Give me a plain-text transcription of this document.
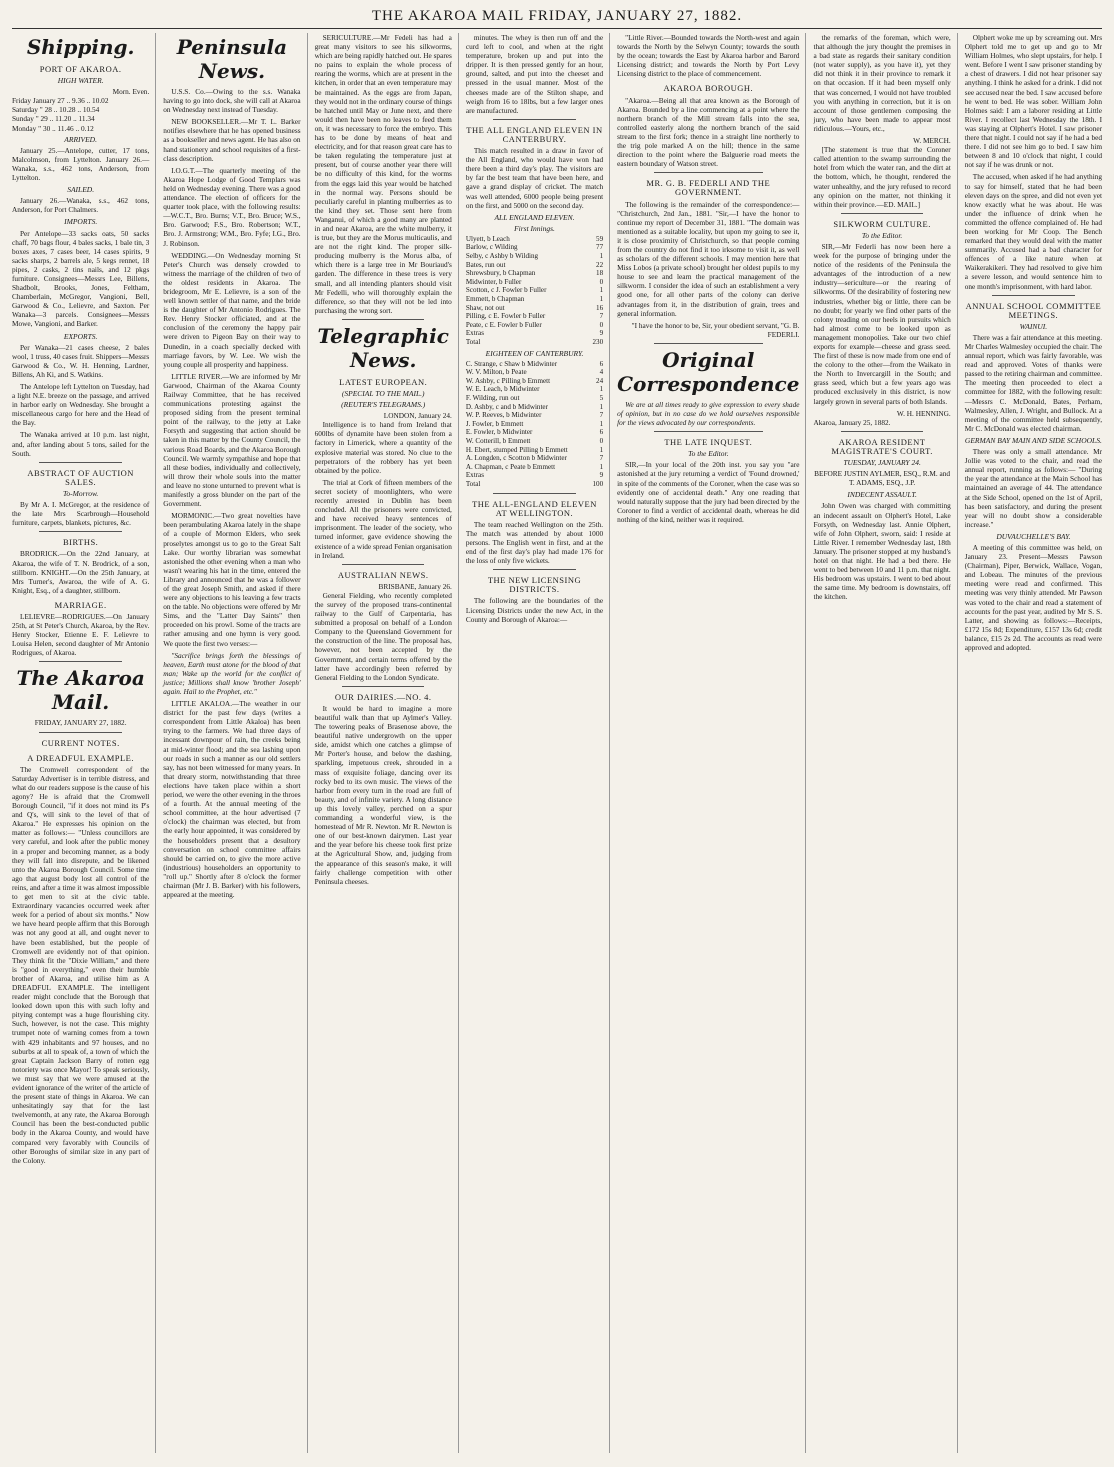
THE AKAROA MAIL FRIDAY, JANUARY 27, 1882.
Shipping.
PORT OF AKAROA.
HIGH WATER.
Morn. Even.
Friday January 27 .. 9.36 .. 10.02
Saturday " 28 .. 10.28 .. 10.54
Sunday " 29 .. 11.20 .. 11.34
Monday " 30 .. 11.46 .. 0.12
ARRIVED.

January 25.—Antelope, cutter, 17 tons, Malcolmson, from Lyttelton. January 26.—Wanaka, s.s., 462 tons, Anderson, from Lyttelton.

SAILED.

January 26.—Wanaka, s.s., 462 tons, Anderson, for Port Chalmers.

IMPORTS.

Per Antelope—33 sacks oats, 50 sacks chaff, 70 bags flour, 4 bales sacks, 1 bale tin, 3 boxes axes, 7 cases beer, 14 cases spirits, 9 sacks sharps, 2 barrels ale, 5 kegs rennet, 18 pipes, 2 casks, 2 tins nails, and 12 pkgs furniture. Consignees—Messrs Lee, Billens, Shadbolt, Brooks, Jones, Feltham, Chamberlain, McGregor, Vangioni, Bell, Garwood & Co., Lelievre, and Saxton. Per Wanaka—3 parcels. Consignees—Messrs Mowe, Vangioni, and Barker.

EXPORTS.

Per Wanaka—21 cases cheese, 2 bales wool, 1 truss, 40 cases fruit. Shippers—Messrs Garwood & Co., W. H. Henning, Lardner, Billens, Ah Ki, and S. Watkins.

The Antelope left Lyttelton on Tuesday, had a light N.E. breeze on the passage, and arrived in harbor early on Wednesday. She brought a miscellaneous cargo for here and the Head of the Bay.

The Wanaka arrived at 10 p.m. last night, and, after landing about 5 tons, sailed for the South.

ABSTRACT OF AUCTION SALES.
To-Morrow.

By Mr A. I. McGregor, at the residence of the late Mrs Scarbrough—Household furniture, carpets, blankets, pictures, &c.

BIRTHS.

BRODRICK.—On the 22nd January, at Akaroa, the wife of T. N. Brodrick, of a son, stillborn. KNIGHT.—On the 25th January, at Mrs Turner's, Awaroa, the wife of A. G. Knight, Esq., of a daughter, stillborn.

MARRIAGE.

LELIEVRE—RODRIGUES.—On January 25th, at St Peter's Church, Akaroa, by the Rev. Henry Stocker, Etienne E. F. Lelievre to Louisa Helen, second daughter of Mr Antonio Rodrigues, of Akaroa.

The Akaroa Mail.
FRIDAY, JANUARY 27, 1882.
CURRENT NOTES.
A DREADFUL EXAMPLE.

The Cromwell correspondent of the Saturday Advertiser is in terrible distress, and what do our readers suppose is the cause of his agony? He is afraid that the Cromwell Borough Council, "if it does not mind its P's and Q's, will sink to the level of that of Akaroa." He expresses his opinion on the matter as follows:— "Unless councillors are very careful, and look after the public money in a proper and becoming manner, as a body they will fall into disrepute, and be likened unto the Akaroa Borough Council. Some time ago that august body lost all control of the reins, and after a time it was almost impossible to get men to sit at the civic table. Extraordinary vacancies occurred week after week for a period of about six months." Now we have heard people affirm that this Borough was not any good at all, and ought never to have been established, but the people of Cromwell are evidently not of that opinion. They think fit the "Dixie William," and there is "good in everything," even their humble brother of Akaroa, and utilise him as A DREADFUL EXAMPLE. The intelligent reader might conclude that the Borough that looked down upon this with such lofty and pitying contempt was a huge flourishing city. Such, however, is not the case. This mighty trumpet note of warning comes from a town with 429 inhabitants and 97 houses, and no suburbs at all to speak of, a town of which the great Captain Jackson Barry of rotten egg notoriety was once Mayor! To speak seriously, we must say that we were amused at the evident ignorance of the writer of the article of the present state of things in Akaroa. We can unhesitatingly say that for the last twelvemonth, at any rate, the Akaroa Borough Council has been the best-conducted public body in the Akaroa County, and would have compared very favorably with Councils of other Boroughs of similar size in any part of the Colony.

Peninsula News.

U.S.S. Co.—Owing to the s.s. Wanaka having to go into dock, she will call at Akaroa on Wednesday next instead of Tuesday.

NEW BOOKSELLER.—Mr T. L. Barker notifies elsewhere that he has opened business as a bookseller and news agent. He has also on hand stationery and school requisites of a first-class description.

I.O.G.T.—The quarterly meeting of the Akaroa Hope Lodge of Good Templars was held on Wednesday evening. There was a good attendance. The election of officers for the quarter took place, with the following results:—W.C.T., Bro. Burns; V.T., Bro. Bruce; W.S., Bro. Garwood; F.S., Bro. Robertson; W.T., Bro. J. Armstrong; W.M., Bro. Fyfe; I.G., Bro. J. Robinson.

WEDDING.—On Wednesday morning St Peter's Church was densely crowded to witness the marriage of the children of two of the oldest residents in Akaroa. The bridegroom, Mr E. Lelievre, is a son of the well known settler of that name, and the bride is the daughter of Mr Antonio Rodrigues. The Rev. Henry Stocker officiated, and at the conclusion of the ceremony the happy pair were driven to Pigeon Bay on their way to Dunedin, in a coach specially decked with marriage favors, by W. Lee. We wish the young couple all prosperity and happiness.

LITTLE RIVER.—We are informed by Mr Garwood, Chairman of the Akaroa County Railway Committee, that he has received communications protesting against the proposed siding from the present terminal point of the railway, to the jetty at Lake Forsyth and suggesting that action should be taken in this matter by the County Council, the various Road Boards, and the Akaroa Borough Council. We warmly sympathise and hope that all these bodies, individually and collectively, will throw their whole souls into the matter and leave no stone unturned to prevent what is manifestly a gross blunder on the part of the Government.

MORMONIC.—Two great novelties have been perambulating Akaroa lately in the shape of a couple of Mormon Elders, who seek proselytes amongst us to go to the Great Salt Lake. Our worthy librarian was somewhat astonished the other evening when a man who wasn't wearing his hat in the time, entered the Library and announced that he was a follower of the great Joseph Smith, and asked if there were any objections to his leaving a few tracts on the table. No objections were offered by Mr Sims, and the "Latter Day Saints" then proceeded on his prowl. Some of the tracts are rather amusing and one hymn is very good. We quote the first two verses:—

"Sacrifice brings forth the blessings of heaven, Earth must atone for the blood of that man; Wake up the world for the conflict of justice; Millions shall know 'brother Joseph' again. Hail to the Prophet, etc."

LITTLE AKALOA.—The weather in our district for the past few days (writes a correspondent from Little Akaloa) has been trying to the farmers. We had three days of incessant downpour of rain, the creeks being at mid-winter flood; and the sea lashing upon our roads in such a manner as our old settlers say, has not been witnessed for many years. In that dreary storm, notwithstanding that three elections have taken place within a short period, we were the other evening in the throes of a fourth. At the annual meeting of the school committee, at the hour advertised (7 o'clock) the chairman was elected, but from the early hour appointed, it was considered by the householders present that a desultory conversation on school committee affairs should be carried on, to give the more active (industrious) householders an opportunity to "roll up." Shortly after 8 o'clock the former chairman (Mr J. B. Barker) with his followers, appeared at the meeting.

SERICULTURE.—Mr Fedeli has had a great many visitors to see his silkworms, which are being rapidly hatched out. He spares no pains to explain the whole process of rearing the worms, which are at present in the kitchen, in order that an even temperature may be maintained. As the eggs are from Japan, they would not in the ordinary course of things be hatched until May or June next, and there would then have been no leaves to feed them on, it was necessary to force the embryo. This has to be done by means of heat and electricity, and for that reason great care has to be taken regulating the temperature just at present, but of course another year there will be no difficulty of this kind, for the worms from the eggs laid this year would be hatched in the normal way. Persons should be peculiarly careful in planting mulberries as to the kind they set. Those sent here from Wanganui, of which a good many are planted in and near Akaroa, are the white mulberry, it is true, but they are the Morus multicaulis, and are not the right kind. The proper silk-producing mulberry is the Morus alba, of which there is a large tree in Mr Bouriaud's garden. The difference in these trees is very small, and all intending planters should visit Mr Fedelli, who will thoroughly explain the difference, so that they will not be led into purchasing the wrong sort.

Telegraphic News.
LATEST EUROPEAN.
(SPECIAL TO THE MAIL.)
(REUTER'S TELEGRAMS.)
LONDON, January 24.

Intelligence is to hand from Ireland that 600lbs of dynamite have been stolen from a factory in Limerick, where a quantity of the explosive material was stored. No clue to the perpetrators of the robbery has yet been obtained by the police.

The trial at Cork of fifteen members of the secret society of moonlighters, who were recently arrested in Dublin has been concluded. All the prisoners were convicted, and have received heavy sentences of imprisonment. The leader of the society, who turned informer, gave evidence showing the existence of a wide spread Fenian organisation in Ireland.

AUSTRALIAN NEWS.
BRISBANE, January 26.

General Fielding, who recently completed the survey of the proposed trans-continental railway to the Gulf of Carpentaria, has submitted a proposal on behalf of a London Company to the Queensland Government for the construction of the line. The proposal has, however, not been accepted by the Government, and certain terms offered by the latter have accordingly been referred by General Fielding to the London Syndicate.

OUR DAIRIES.—NO. 4.

It would be hard to imagine a more beautiful walk than that up Aylmer's Valley. The towering peaks of Brasenose above, the beautiful native undergrowth on the upper side, amidst which one catches a glimpse of Mr Porter's house, and below the dashing, sparkling, impetuous creek, shrouded in a mass of exquisite foliage, dancing over its rocky bed to its own music. The views of the harbor from every turn in the road are full of beauty, and of infinite variety. A long distance up this lovely valley, perched on a spur commanding a wonderful view, is the homestead of Mr R. Newton. Mr R. Newton is one of our best-known dairymen. Last year and the year before his cheese took first prize at the Agricultural Show, and, judging from the appearance of this season's make, it will fairly challenge competition with other Peninsula cheeses.

minutes. The whey is then run off and the curd left to cool, and when at the right temperature, broken up and put into the dripper. It is then pressed gently for an hour, ground, salted, and put into the cheeset and pressed in the usual manner. Most of the cheeses made are of the Stilton shape, and weigh from 16 to 18lbs, but a few larger ones are manufactured.

THE ALL ENGLAND ELEVEN IN CANTERBURY.

This match resulted in a draw in favor of the All England, who would have won had there been a third day's play. The visitors are by far the best team that have been here, and gave a grand display of cricket. The match was well attended, 6000 people being present on the first, and 5000 on the second day.

ALL ENGLAND ELEVEN.
First Innings.
Ulyett, b Leach	59
Barlow, c Wilding	77
Selby, c Ashby b Wilding	1
Bates, run out	22
Shrewsbury, b Chapman	18
Midwinter, b Fuller	0
Scotton, c J. Fowler b Fuller	1
Emmett, b Chapman	1
Shaw, not out	16
Pilling, c E. Fowler b Fuller	7
Peate, c E. Fowler b Fuller	0
Extras	9
Total	230
EIGHTEEN OF CANTERBURY.
C. Strange, c Shaw b Midwinter	6
W. V. Milton, b Peate	4
W. Ashby, c Pilling b Emmett	24
W. E. Leach, b Midwinter	1
F. Wilding, run out	5
D. Ashby, c and b Midwinter	1
W. P. Reeves, b Midwinter	7
J. Fowler, b Emmett	1
E. Fowler, b Midwinter	6
W. Cotterill, b Emmett	0
H. Ebert, stumped Pilling b Emmett	1
A. Longden, c Scotton b Midwinter	7
A. Chapman, c Peate b Emmett	1
Extras	9
Total	100
THE ALL-ENGLAND ELEVEN AT WELLINGTON.

The team reached Wellington on the 25th. The match was attended by about 1000 persons. The English went in first, and at the end of the first day's play had made 176 for the loss of only five wickets.

THE NEW LICENSING DISTRICTS.

The following are the boundaries of the Licensing Districts under the new Act, in the County and Borough of Akaroa:—

"Little River.—Bounded towards the North-west and again towards the North by the Selwyn County; towards the south by the ocean; towards the East by Akaroa harbor and Barord Licensing district; and towards the North by Port Levy Licensing district to the place of commencement.

AKAROA BOROUGH.

"Akaroa.—Being all that area known as the Borough of Akaroa. Bounded by a line commencing at a point where the northern branch of the Mill stream falls into the sea, controlled easterly along the northern branch of the said stream to the first fork; thence in a straight line northerly to the trig pole marked A on the hill; thence in the same direction to the point where the Balguerie road meets the eastern boundary of Watson street.

MR. G. B. FEDERLI AND THE GOVERNMENT.

The following is the remainder of the correspondence:— "Christchurch, 2nd Jan., 1881. "Sir,—I have the honor to continue my report of December 31, 1881. "The domain was mentioned as a suitable locality, but upon my going to see it, it is close proximity of Christchurch, so that people coming from the country do not find it too irksome to visit it, as well as scholars of the different schools. I may mention here that Miss Lobos (a private school) brought her oldest pupils to my house to see and learn the practical management of the silkworm. I consider the idea of such an establishment a very good one, for all other parts of the colony can derive advantages from it, in the distribution of grain, trees and general information.

"I have the honor to be, Sir, your obedient servant, "G. B. FEDERLI.

Original Correspondence

We are at all times ready to give expression to every shade of opinion, but in no case do we hold ourselves responsible for the views advocated by our correspondents.

THE LATE INQUEST.
To the Editor.

SIR,—In your local of the 20th inst. you say you "are astonished at the jury returning a verdict of 'Found drowned,' in spite of the comments of the Coroner, when the case was so evidently one of accidental death." Any one reading that would naturally suppose that the jury had been directed by the Coroner to find a verdict of accidental death, whereas he did nothing of the kind, neither was it required.

the remarks of the foreman, which were, that although the jury thought the premises in a bad state as regards their sanitary condition (not water supply), as you have it), yet they did not think it in their province to remark it on that occasion. If it had been myself only that was concerned, I would not have troubled you with anything in correction, but it is on account of those gentlemen composing the jury, who have been made to appear most ridiculous.—Yours, etc.,

W. MERCH.

[The statement is true that the Coroner called attention to the swamp surrounding the hotel from which the water ran, and the dirt at the bottom, which, he thought, rendered the water unhealthy, and the jury refused to record any opinion on the matter, not thinking it within their province.—ED. MAIL.]

SILKWORM CULTURE.
To the Editor.

SIR,—Mr Federli has now been here a week for the purpose of bringing under the notice of the residents of the Peninsula the advantages of the introduction of a new industry—sericulture—or the rearing of silkworms. Of the desirability of fostering new industries, whether big or little, there can be no doubt; for yearly we find other parts of the colony treading on our heels in pursuits which had almost come to be looked upon as management monopolies. Take our two chief exports for example—cheese and grass seed. The first of these is now made from one end of the colony to the other—from the Waikato in the North to Invercargill in the South; and grass seed, which but a few years ago was produced exclusively in this district, is now largely grown in several parts of both Islands.

W. H. HENNING.
Akaroa, January 25, 1882.
AKAROA RESIDENT MAGISTRATE'S COURT.
TUESDAY, JANUARY 24.

BEFORE JUSTIN AYLMER, ESQ., R.M. and T. ADAMS, ESQ., J.P.

INDECENT ASSAULT.

John Owen was charged with committing an indecent assault on Olphert's Hotel, Lake Forsyth, on Wednesday last. Annie Olphert, wife of John Olphert, sworn, said: I reside at Little River. I remember Wednesday last, 18th January. The prisoner stopped at my husband's hotel on that night. He had a bed there. He went to bed between 10 and 11 p.m. that night. His bedroom was upstairs. I went to bed about the same time. My bedroom is downstairs, off the kitchen.

Olphert woke me up by screaming out. Mrs Olphert told me to get up and go to Mr William Holmes, who slept upstairs, for help. I went. Before I went I saw prisoner standing by a chest of drawers. I did not hear prisoner say anything. I think he asked for a drink. I did not see accused near the bed. I saw accused before he went to bed. He was sober. William John Holmes said: I am a laborer residing at Little River. I recollect last Wednesday the 18th. I was staying at Olphert's Hotel. I saw prisoner there that night. I could not say if he had a bed there. I did not see him go to bed. I saw him between 8 and 10 o'clock that night, I could not say if he was drunk or not.

The accused, when asked if he had anything to say for himself, stated that he had been eleven days on the spree, and did not even yet know exactly what he was about. He was under the influence of drink when he committed the offence complained of. He had been working for Mr Coop. The Bench remarked that they would deal with the matter summarily. Accused had a bad character for offences of a like nature when at Waikerakikeri. They had resolved to give him a severe lesson, and would sentence him to one month's imprisonment, with hard labor.

ANNUAL SCHOOL COMMITTEE MEETINGS.
WAINUI.

There was a fair attendance at this meeting. Mr Charles Walmesley occupied the chair. The annual report, which was fairly favorable, was read and approved. Votes of thanks were passed to the retiring chairman and committee. The meeting then proceeded to elect a committee for 1882, with the following result:—Messrs C. McDonald, Bates, Perham, Walmesley, Allen, J. Wright, and Bullock. At a meeting of the committee held subsequently, Mr C. McDonald was elected chairman.

GERMAN BAY MAIN AND SIDE SCHOOLS.

There was only a small attendance. Mr Jollie was voted to the chair, and read the annual report, running as follows:— "During the year the attendance at the Main School has maintained an average of 44. The attendance at the Side School, opened on the 1st of April, has been satisfactory, and during the present year will no doubt show a considerable increase."

DUVAUCHELLE'S BAY.

A meeting of this committee was held, on January 23. Present—Messrs Pawson (Chairman), Piper, Berwick, Wallace, Vogan, and Lobeau. The minutes of the previous meeting were read and confirmed. This meeting was very thinly attended. Mr Pawson was voted to the chair and read a statement of accounts for the past year, audited by Mr S. S. Latter, and showing as follows:—Receipts, £172 15s 8d; Expenditure, £157 13s 6d; credit balance, £15 2s 2d. The accounts as read were approved and adopted.
